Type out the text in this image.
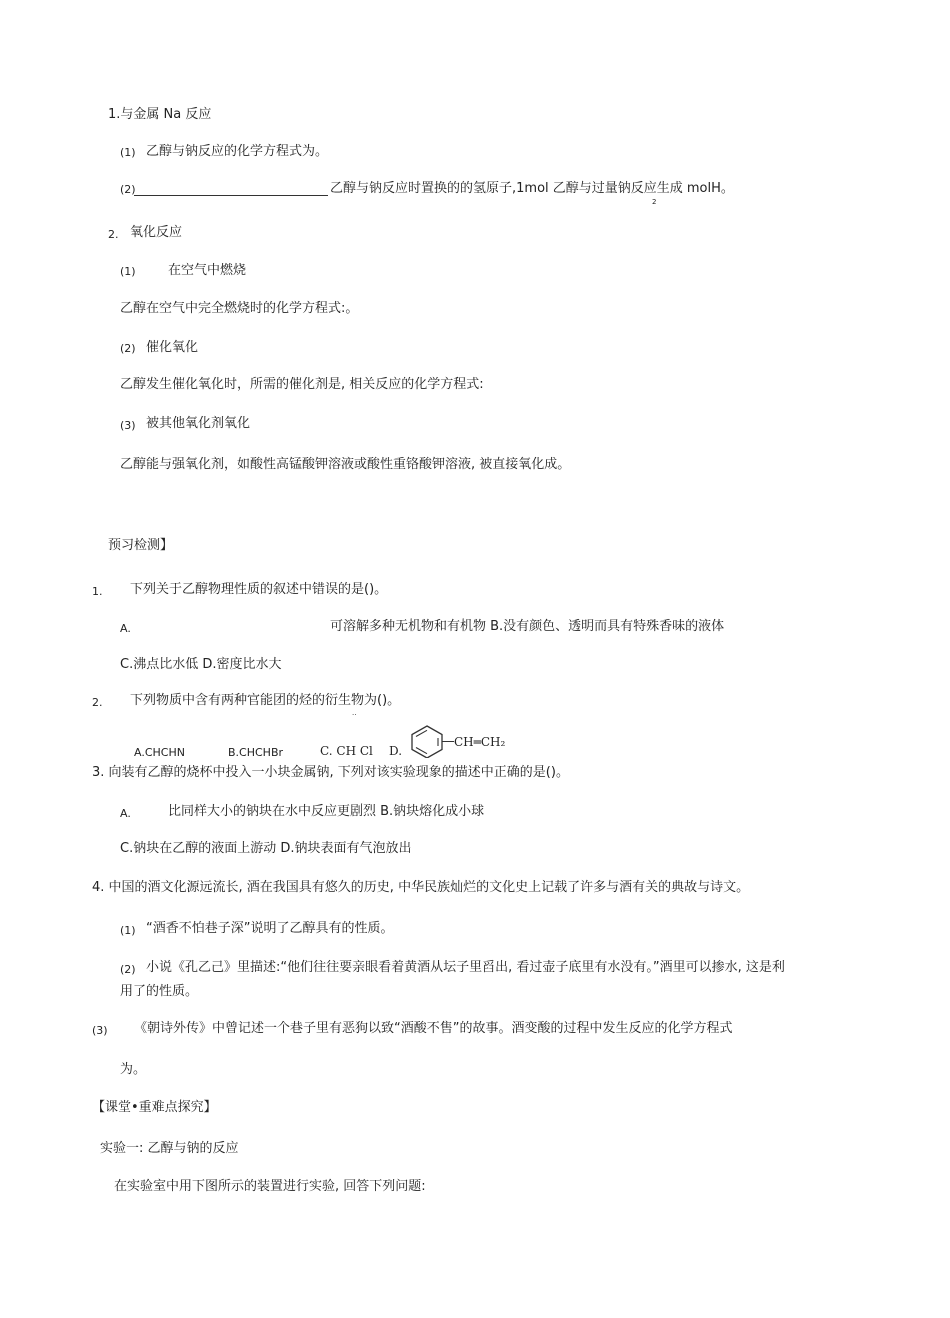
1.与金属 Na 反应
(1) 乙醇与钠反应的化学方程式为。
(2)	乙醇与钠反应时置换的的氢原子,1mol 乙醇与过量钠反应生成 molH。
2
2. 氧化反应
(1) 在空气中燃烧
乙醇在空气中完全燃烧时的化学方程式:。
(2) 催化氧化
乙醇发生催化氧化时，所需的催化剂是, 相关反应的化学方程式:
(3) 被其他氧化剂氧化
乙醇能与强氧化剂，如酸性高锰酸钾溶液或酸性重铬酸钾溶液, 被直接氧化成。
预习检测】
1. 下列关于乙醇物理性质的叙述中错误的是()。
A.	可溶解多种无机物和有机物 B.没有颜色、透明而具有特殊香味的液体
C.沸点比水低 D.密度比水大
2. 下列物质中含有两种官能团的烃的衍生物为()。
··
A.CHCHN	B.CHCHBr	C. CH Cl D.
CH═CH₂
3. 向装有乙醇的烧杯中投入一小块金属钠, 下列对该实验现象的描述中正确的是()。
A.	比同样大小的钠块在水中反应更剧烈 B.钠块熔化成小球
C.钠块在乙醇的液面上游动 D.钠块表面有气泡放出
4. 中国的酒文化源远流长, 酒在我国具有悠久的历史, 中华民族灿烂的文化史上记载了许多与酒有关的典故与诗文。
(1) “酒香不怕巷子深”说明了乙醇具有的性质。
(2) 小说《孔乙己》里描述:“他们往往要亲眼看着黄酒从坛子里舀出, 看过壶子底里有水没有。”酒里可以掺水, 这是利
用了的性质。
(3) 《朝诗外传》中曾记述一个巷子里有恶狗以致“酒酸不售”的故事。酒变酸的过程中发生反应的化学方程式
为。
【课堂•重难点探究】
实验一: 乙醇与钠的反应
在实验室中用下图所示的装置进行实验, 回答下列问题:
